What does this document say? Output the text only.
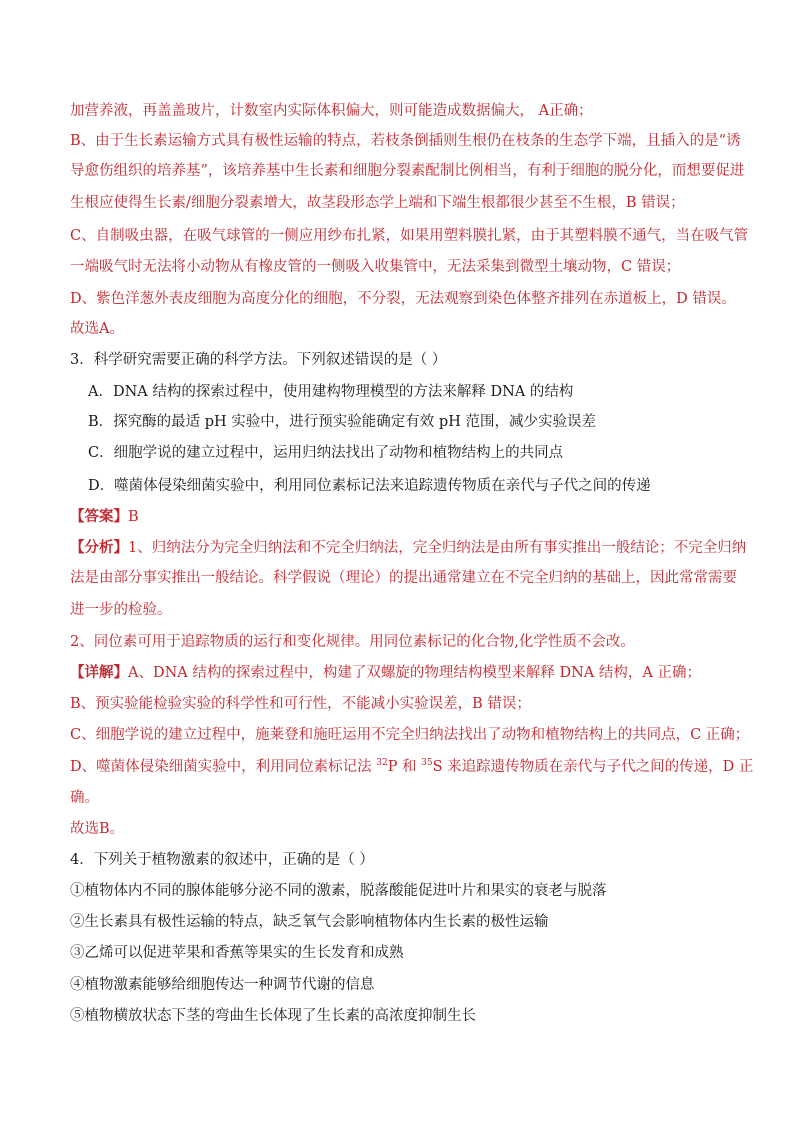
加营养液，再盖盖玻片，计数室内实际体积偏大，则可能造成数据偏大， A正确；
B、由于生长素运输方式具有极性运输的特点，若枝条倒插则生根仍在枝条的生态学下端，且插入的是“诱
导愈伤组织的培养基”，该培养基中生长素和细胞分裂素配制比例相当，有利于细胞的脱分化，而想要促进
生根应使得生长素/细胞分裂素增大，故茎段形态学上端和下端生根都很少甚至不生根，B 错误；
C、自制吸虫器，在吸气球管的一侧应用纱布扎紧，如果用塑料膜扎紧，由于其塑料膜不通气，当在吸气管
一端吸气时无法将小动物从有橡皮管的一侧吸入收集管中，无法采集到微型土壤动物，C 错误；
D、紫色洋葱外表皮细胞为高度分化的细胞，不分裂，无法观察到染色体整齐排列在赤道板上，D 错误。
故选A。
3．科学研究需要正确的科学方法。下列叙述错误的是（ ）
A．DNA 结构的探索过程中，使用建构物理模型的方法来解释 DNA 的结构
B．探究酶的最适 pH 实验中，进行预实验能确定有效 pH 范围，减少实验误差
C．细胞学说的建立过程中，运用归纳法找出了动物和植物结构上的共同点
D．噬菌体侵染细菌实验中，利用同位素标记法来追踪遗传物质在亲代与子代之间的传递
【答案】B
【分析】1、归纳法分为完全归纳法和不完全归纳法，完全归纳法是由所有事实推出一般结论；不完全归纳
法是由部分事实推出一般结论。科学假说（理论）的提出通常建立在不完全归纳的基础上，因此常常需要
进一步的检验。
2、同位素可用于追踪物质的运行和变化规律。用同位素标记的化合物,化学性质不会改。
【详解】A、DNA 结构的探索过程中，构建了双螺旋的物理结构模型来解释 DNA 结构，A 正确；
B、预实验能检验实验的科学性和可行性，不能减小实验误差，B 错误；
C、细胞学说的建立过程中，施莱登和施旺运用不完全归纳法找出了动物和植物结构上的共同点，C 正确；
D、噬菌体侵染细菌实验中，利用同位素标记法 $^{32}$P 和 $^{35}$S 来追踪遗传物质在亲代与子代之间的传递，D 正
确。
故选B。
4．下列关于植物激素的叙述中，正确的是（ ）
①植物体内不同的腺体能够分泌不同的激素，脱落酸能促进叶片和果实的衰老与脱落
②生长素具有极性运输的特点，缺乏氧气会影响植物体内生长素的极性运输
③乙烯可以促进苹果和香蕉等果实的生长发育和成熟
④植物激素能够给细胞传达一种调节代谢的信息
⑤植物横放状态下茎的弯曲生长体现了生长素的高浓度抑制生长
